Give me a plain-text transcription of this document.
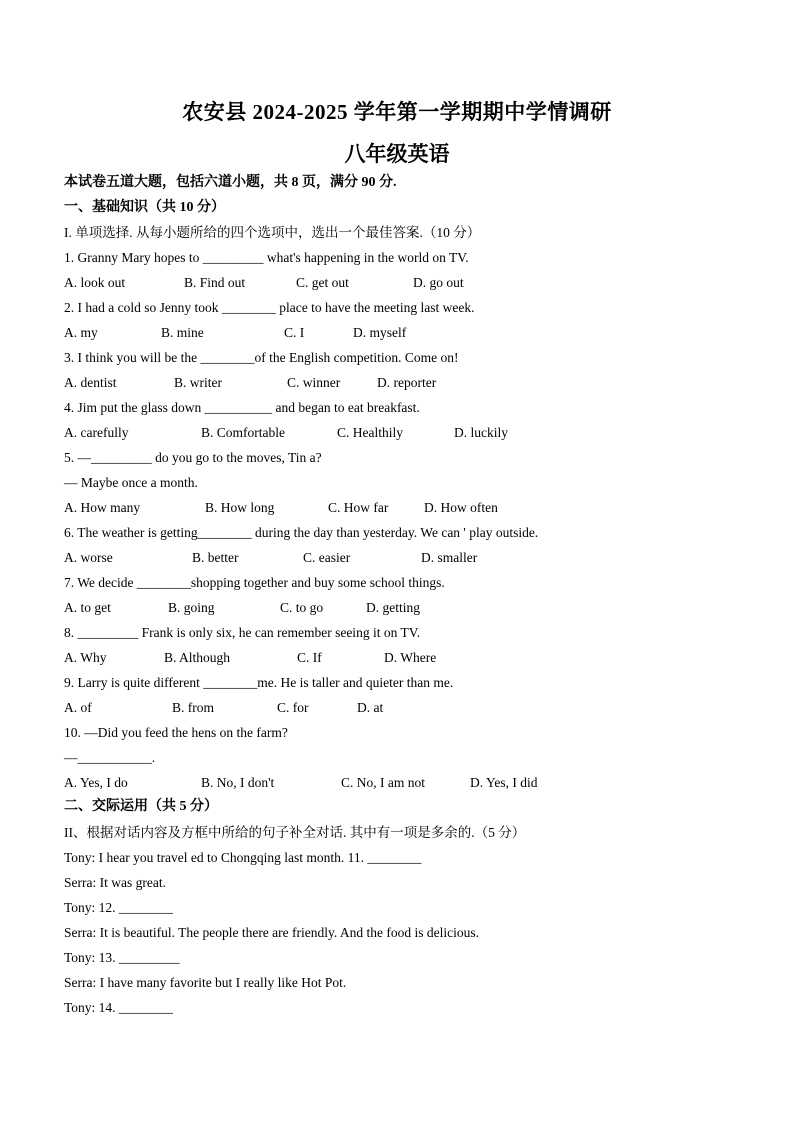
农安县 2024-2025 学年第一学期期中学情调研
八年级英语
本试卷五道大题，包括六道小题，共 8 页，满分 90 分.
一、基础知识（共 10 分）
I. 单项选择. 从每小题所给的四个选项中，选出一个最佳答案.（10 分）
1. Granny Mary hopes to _________ what's happening in the world on TV.
A. look out	B. Find out	C. get out	D. go out
2. I had a cold so Jenny took ________ place to have the meeting last week.
A. my	B. mine	C. I	D. myself
3. I think you will be the ________of the English competition. Come on!
A. dentist	B. writer	C. winner	D. reporter
4. Jim put the glass down __________ and began to eat breakfast.
A. carefully	B. Comfortable	C. Healthily	D. luckily
5. —_________ do you go to the moves, Tin a?
— Maybe once a month.
A. How many	B. How long	C. How far	D. How often
6. The weather is getting________ during the day than yesterday. We can ' play outside.
A. worse	B. better	C. easier	D. smaller
7. We decide ________shopping together and buy some school things.
A. to get	B. going	C. to go	D. getting
8. _________ Frank is only six, he can remember seeing it on TV.
A. Why	B. Although	C. If	D. Where
9. Larry is quite different ________me. He is taller and quieter than me.
A. of	B. from	C. for	D. at
10. —Did you feed the hens on the farm?
—___________.
A. Yes, I do	B. No, I don't	C. No, I am not	D. Yes, I did
二、交际运用（共 5 分）
II、根据对话内容及方框中所给的句子补全对话. 其中有一项是多余的.（5 分）
Tony: I hear you travel ed to Chongqing last month. 11. ________
Serra: It was great.
Tony: 12. ________
Serra: It is beautiful. The people there are friendly. And the food is delicious.
Tony: 13. _________
Serra: I have many favorite but I really like Hot Pot.
Tony: 14. ________
